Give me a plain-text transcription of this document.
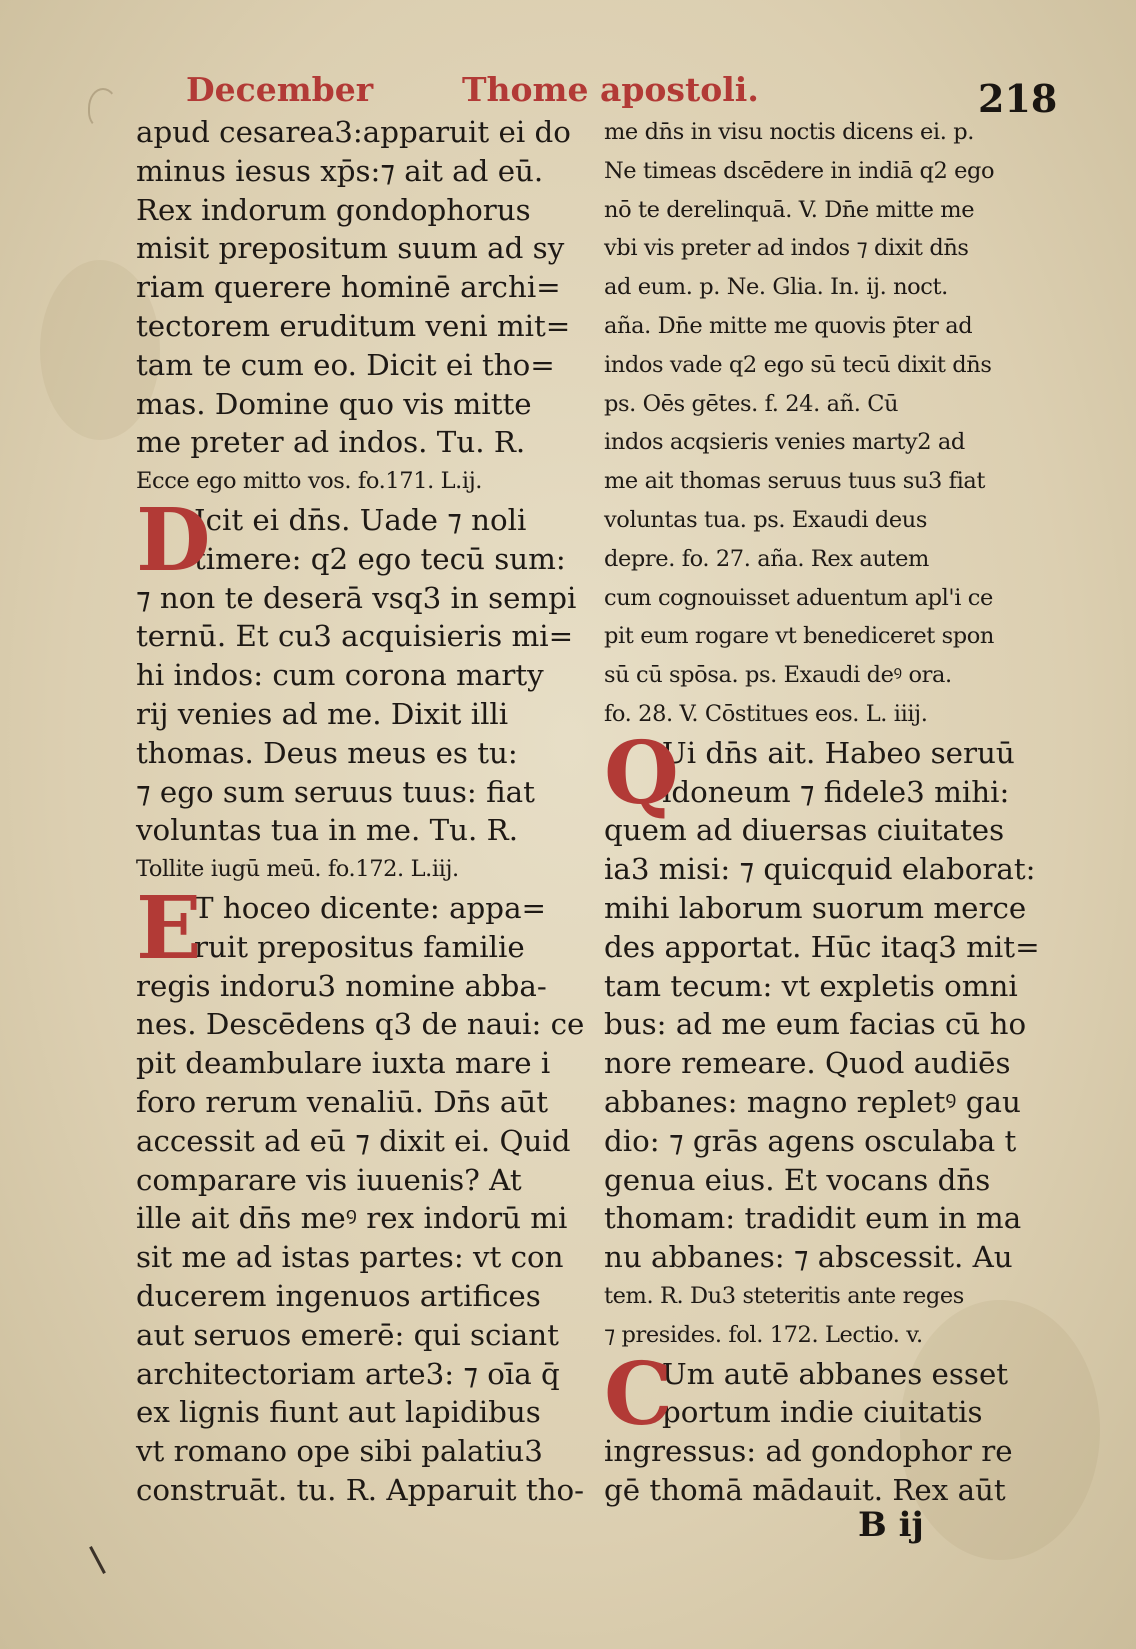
December	Thome apostoli.	218
apud cesarea3:apparuit ei do
minus iesus xp̄s:⁊ ait ad eū.
Rex indorum gondophorus
misit prepositum suum ad sy
riam querere hominē archi=
tectorem eruditum veni mit=
tam te cum eo. Dicit ei tho=
mas. Domine quo vis mitte
me preter ad indos. Tu. R.
Ecce ego mitto vos. fo.171. L.ij.
D
Icit ei dn̄s. Uade ⁊ noli
timere: q2 ego tecū sum:
⁊ non te deserā vsq3 in sempi
ternū. Et cu3 acquisieris mi=
hi indos: cum corona marty
rij venies ad me. Dixit illi
thomas. Deus meus es tu:
⁊ ego sum seruus tuus: fiat
voluntas tua in me. Tu. R.
Tollite iugū meū. fo.172. L.iij.
E
T hoceo dicente: appa=
ruit prepositus familie
regis indoru3 nomine abba-
nes. Descēdens q3 de naui: ce
pit deambulare iuxta mare i
foro rerum venaliū. Dn̄s aūt
accessit ad eū ⁊ dixit ei. Quid
comparare vis iuuenis? At
ille ait dn̄s meꝰ rex indorū mi
sit me ad istas partes: vt con
ducerem ingenuos artifices
aut seruos emerē: qui sciant
architectoriam arte3: ⁊ oīa q̄
ex lignis fiunt aut lapidibus
vt romano ope sibi palatiu3
construāt. tu. R. Apparuit tho-
me dn̄s in visu noctis dicens ei. p.
Ne timeas dscēdere in indiā q2 ego
nō te derelinquā. V. Dn̄e mitte me
vbi vis preter ad indos ⁊ dixit dn̄s
ad eum. p. Ne. Glia. In. ij. noct.
aña. Dn̄e mitte me quovis p̄ter ad
indos vade q2 ego sū tecū dixit dn̄s
ps. Oēs gētes. f. 24. añ. Cū
indos acqsieris venies marty2 ad
me ait thomas seruus tuus su3 fiat
voluntas tua. ps. Exaudi deus
depre. fo. 27. aña. Rex autem
cum cognouisset aduentum apl'i ce
pit eum rogare vt benediceret spon
sū cū spōsa. ps. Exaudi deꝰ ora.
fo. 28. V. Cōstitues eos. L. iiij.
Q
Ui dn̄s ait. Habeo seruū
idoneum ⁊ fidele3 mihi:
quem ad diuersas ciuitates
ia3 misi: ⁊ quicquid elaborat:
mihi laborum suorum merce
des apportat. Hūc itaq3 mit=
tam tecum: vt expletis omni
bus: ad me eum facias cū ho
nore remeare. Quod audiēs
abbanes: magno repletꝰ gau
dio: ⁊ grās agens osculaba t
genua eius. Et vocans dn̄s
thomam: tradidit eum in ma
nu abbanes: ⁊ abscessit. Au
tem. R. Du3 steteritis ante reges
⁊ presides. fol. 172. Lectio. v.
C
Um autē abbanes esset
portum indie ciuitatis
ingressus: ad gondophor re
gē thomā mādauit. Rex aūt
B ij
